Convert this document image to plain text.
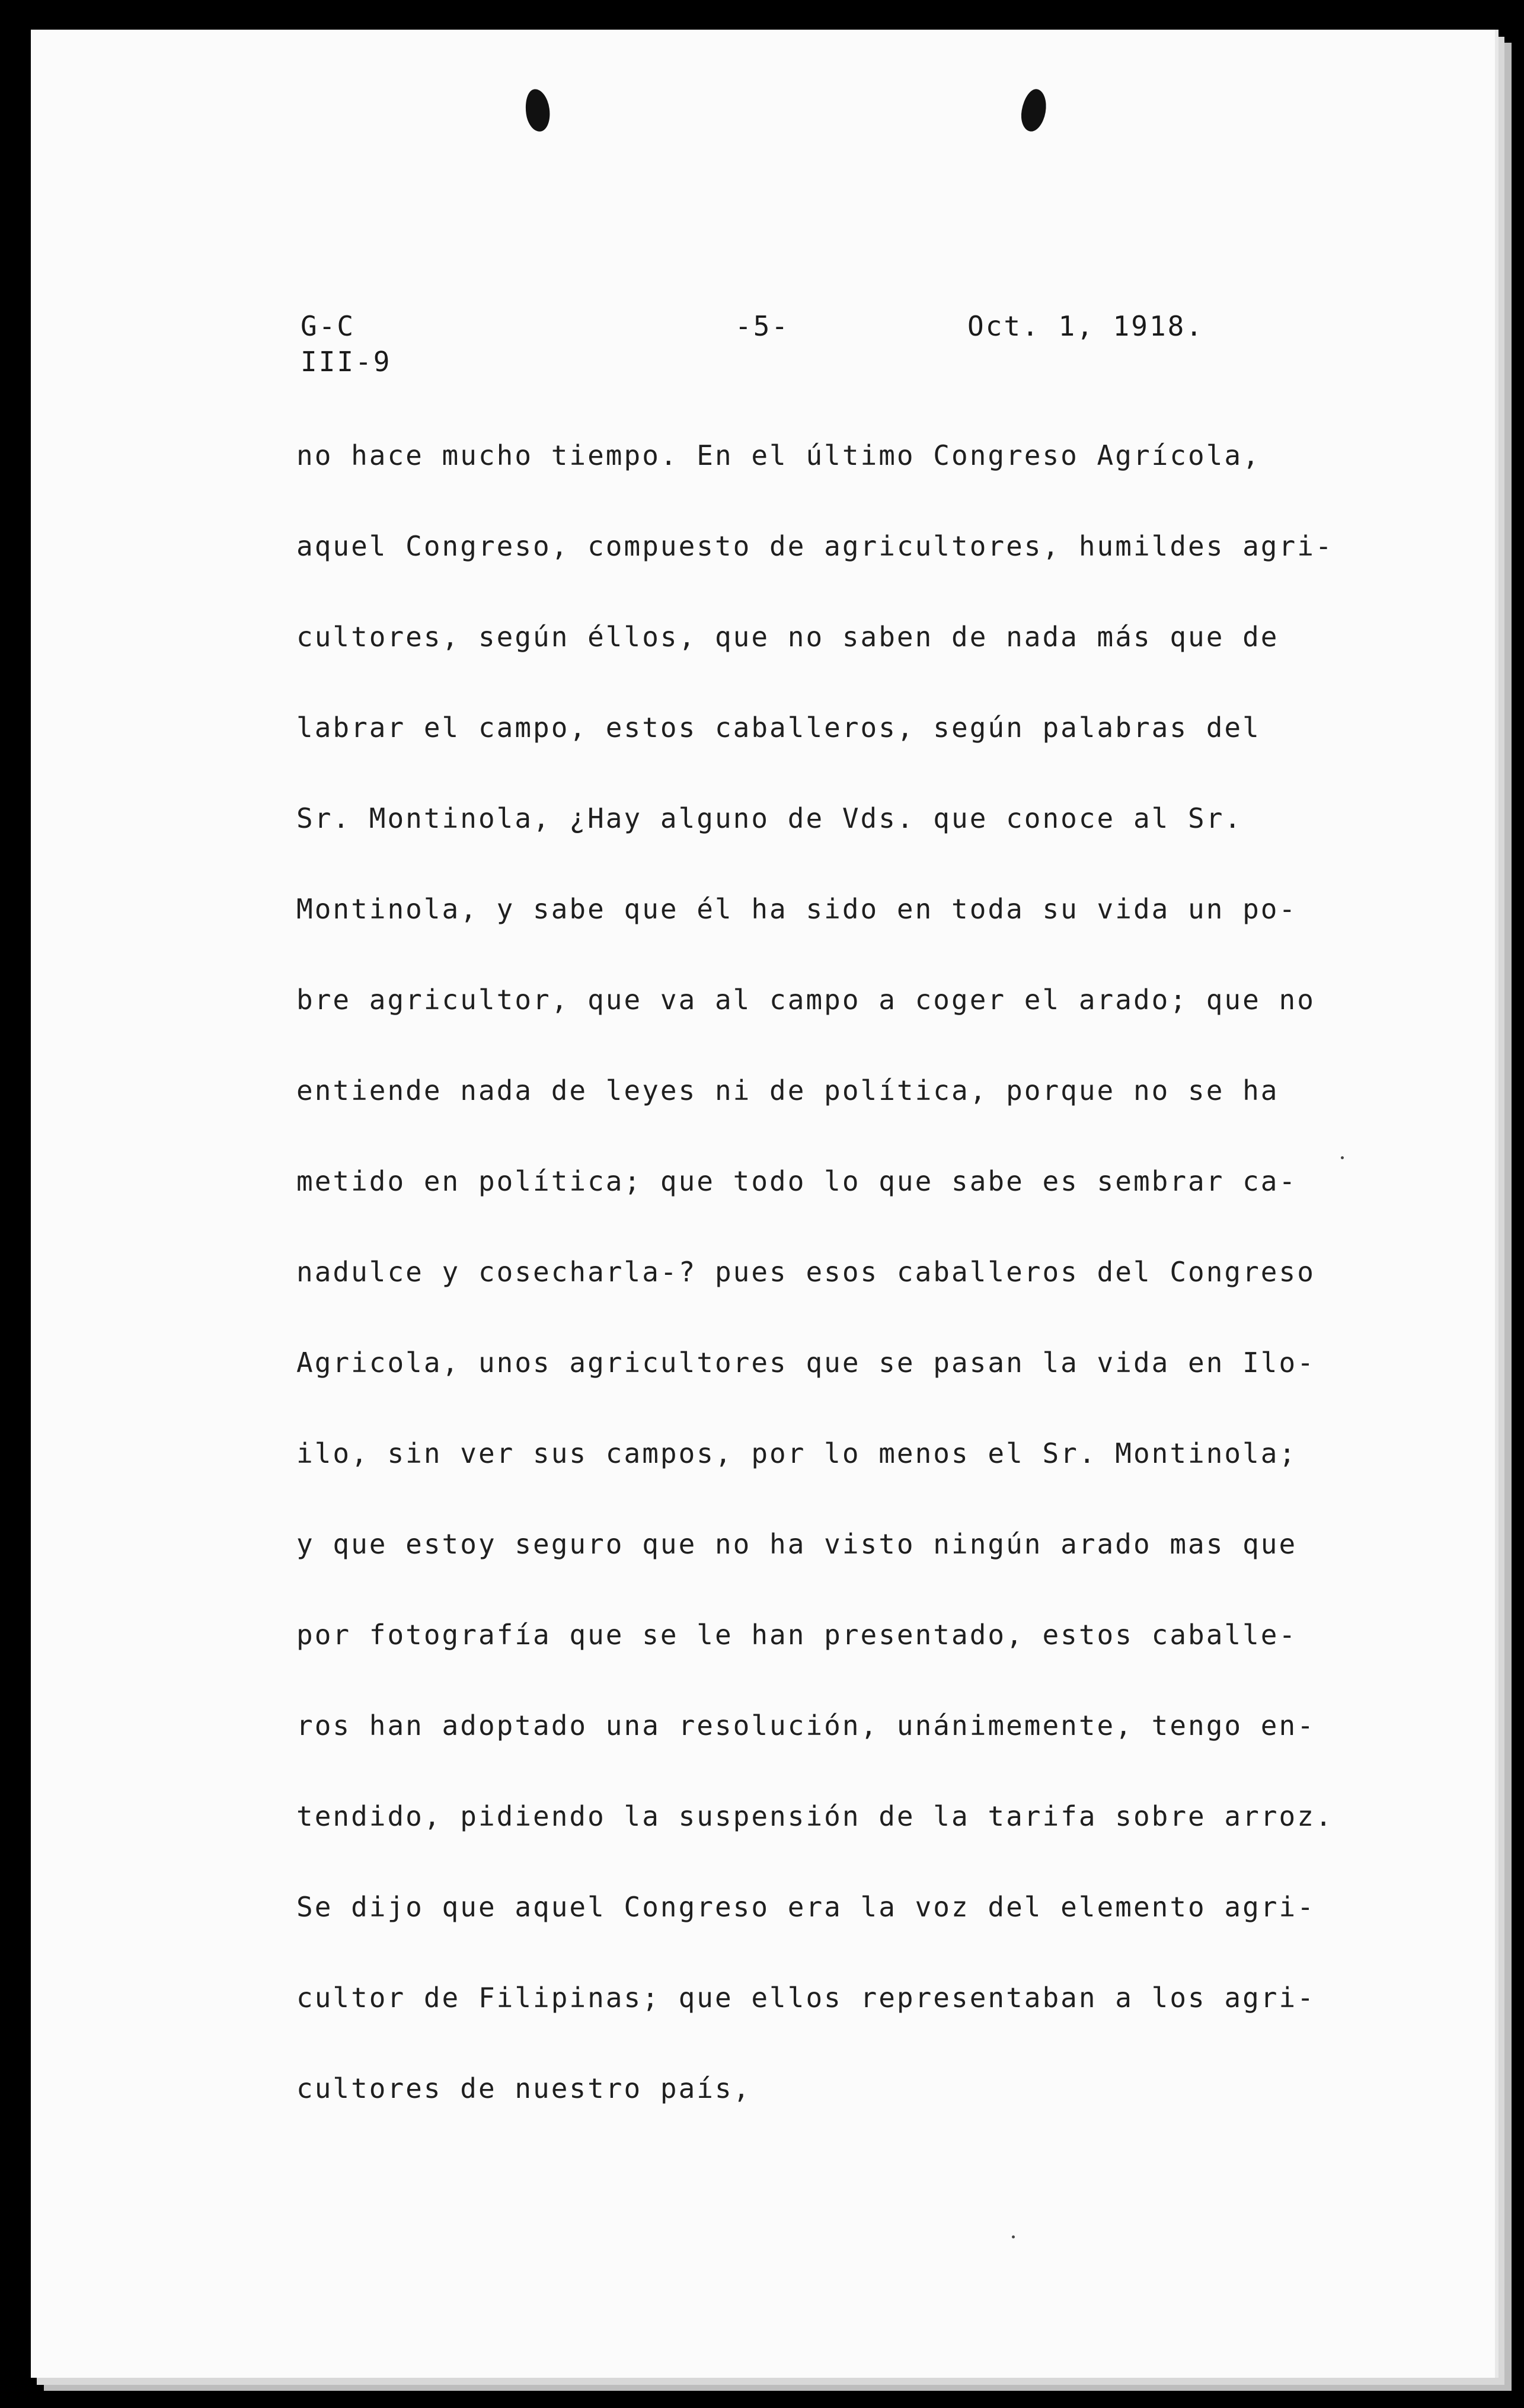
G-C
III-9
-5-	Oct. 1, 1918.
no hace mucho tiempo. En el último Congreso Agrícola,
aquel Congreso, compuesto de agricultores, humildes agri-
cultores, según éllos, que no saben de nada más que de
labrar el campo, estos caballeros, según palabras del
Sr. Montinola, ¿Hay alguno de Vds. que conoce al Sr.
Montinola, y sabe que él ha sido en toda su vida un po-
bre agricultor, que va al campo a coger el arado; que no
entiende nada de leyes ni de política, porque no se ha
metido en política; que todo lo que sabe es sembrar ca-
nadulce y cosecharla-? pues esos caballeros del Congreso
Agricola, unos agricultores que se pasan la vida en Ilo-
ilo, sin ver sus campos, por lo menos el Sr. Montinola;
y que estoy seguro que no ha visto ningún arado mas que
por fotografía que se le han presentado, estos caballe-
ros han adoptado una resolución, unánimemente, tengo en-
tendido, pidiendo la suspensión de la tarifa sobre arroz.
Se dijo que aquel Congreso era la voz del elemento agri-
cultor de Filipinas; que ellos representaban a los agri-
cultores de nuestro país,
